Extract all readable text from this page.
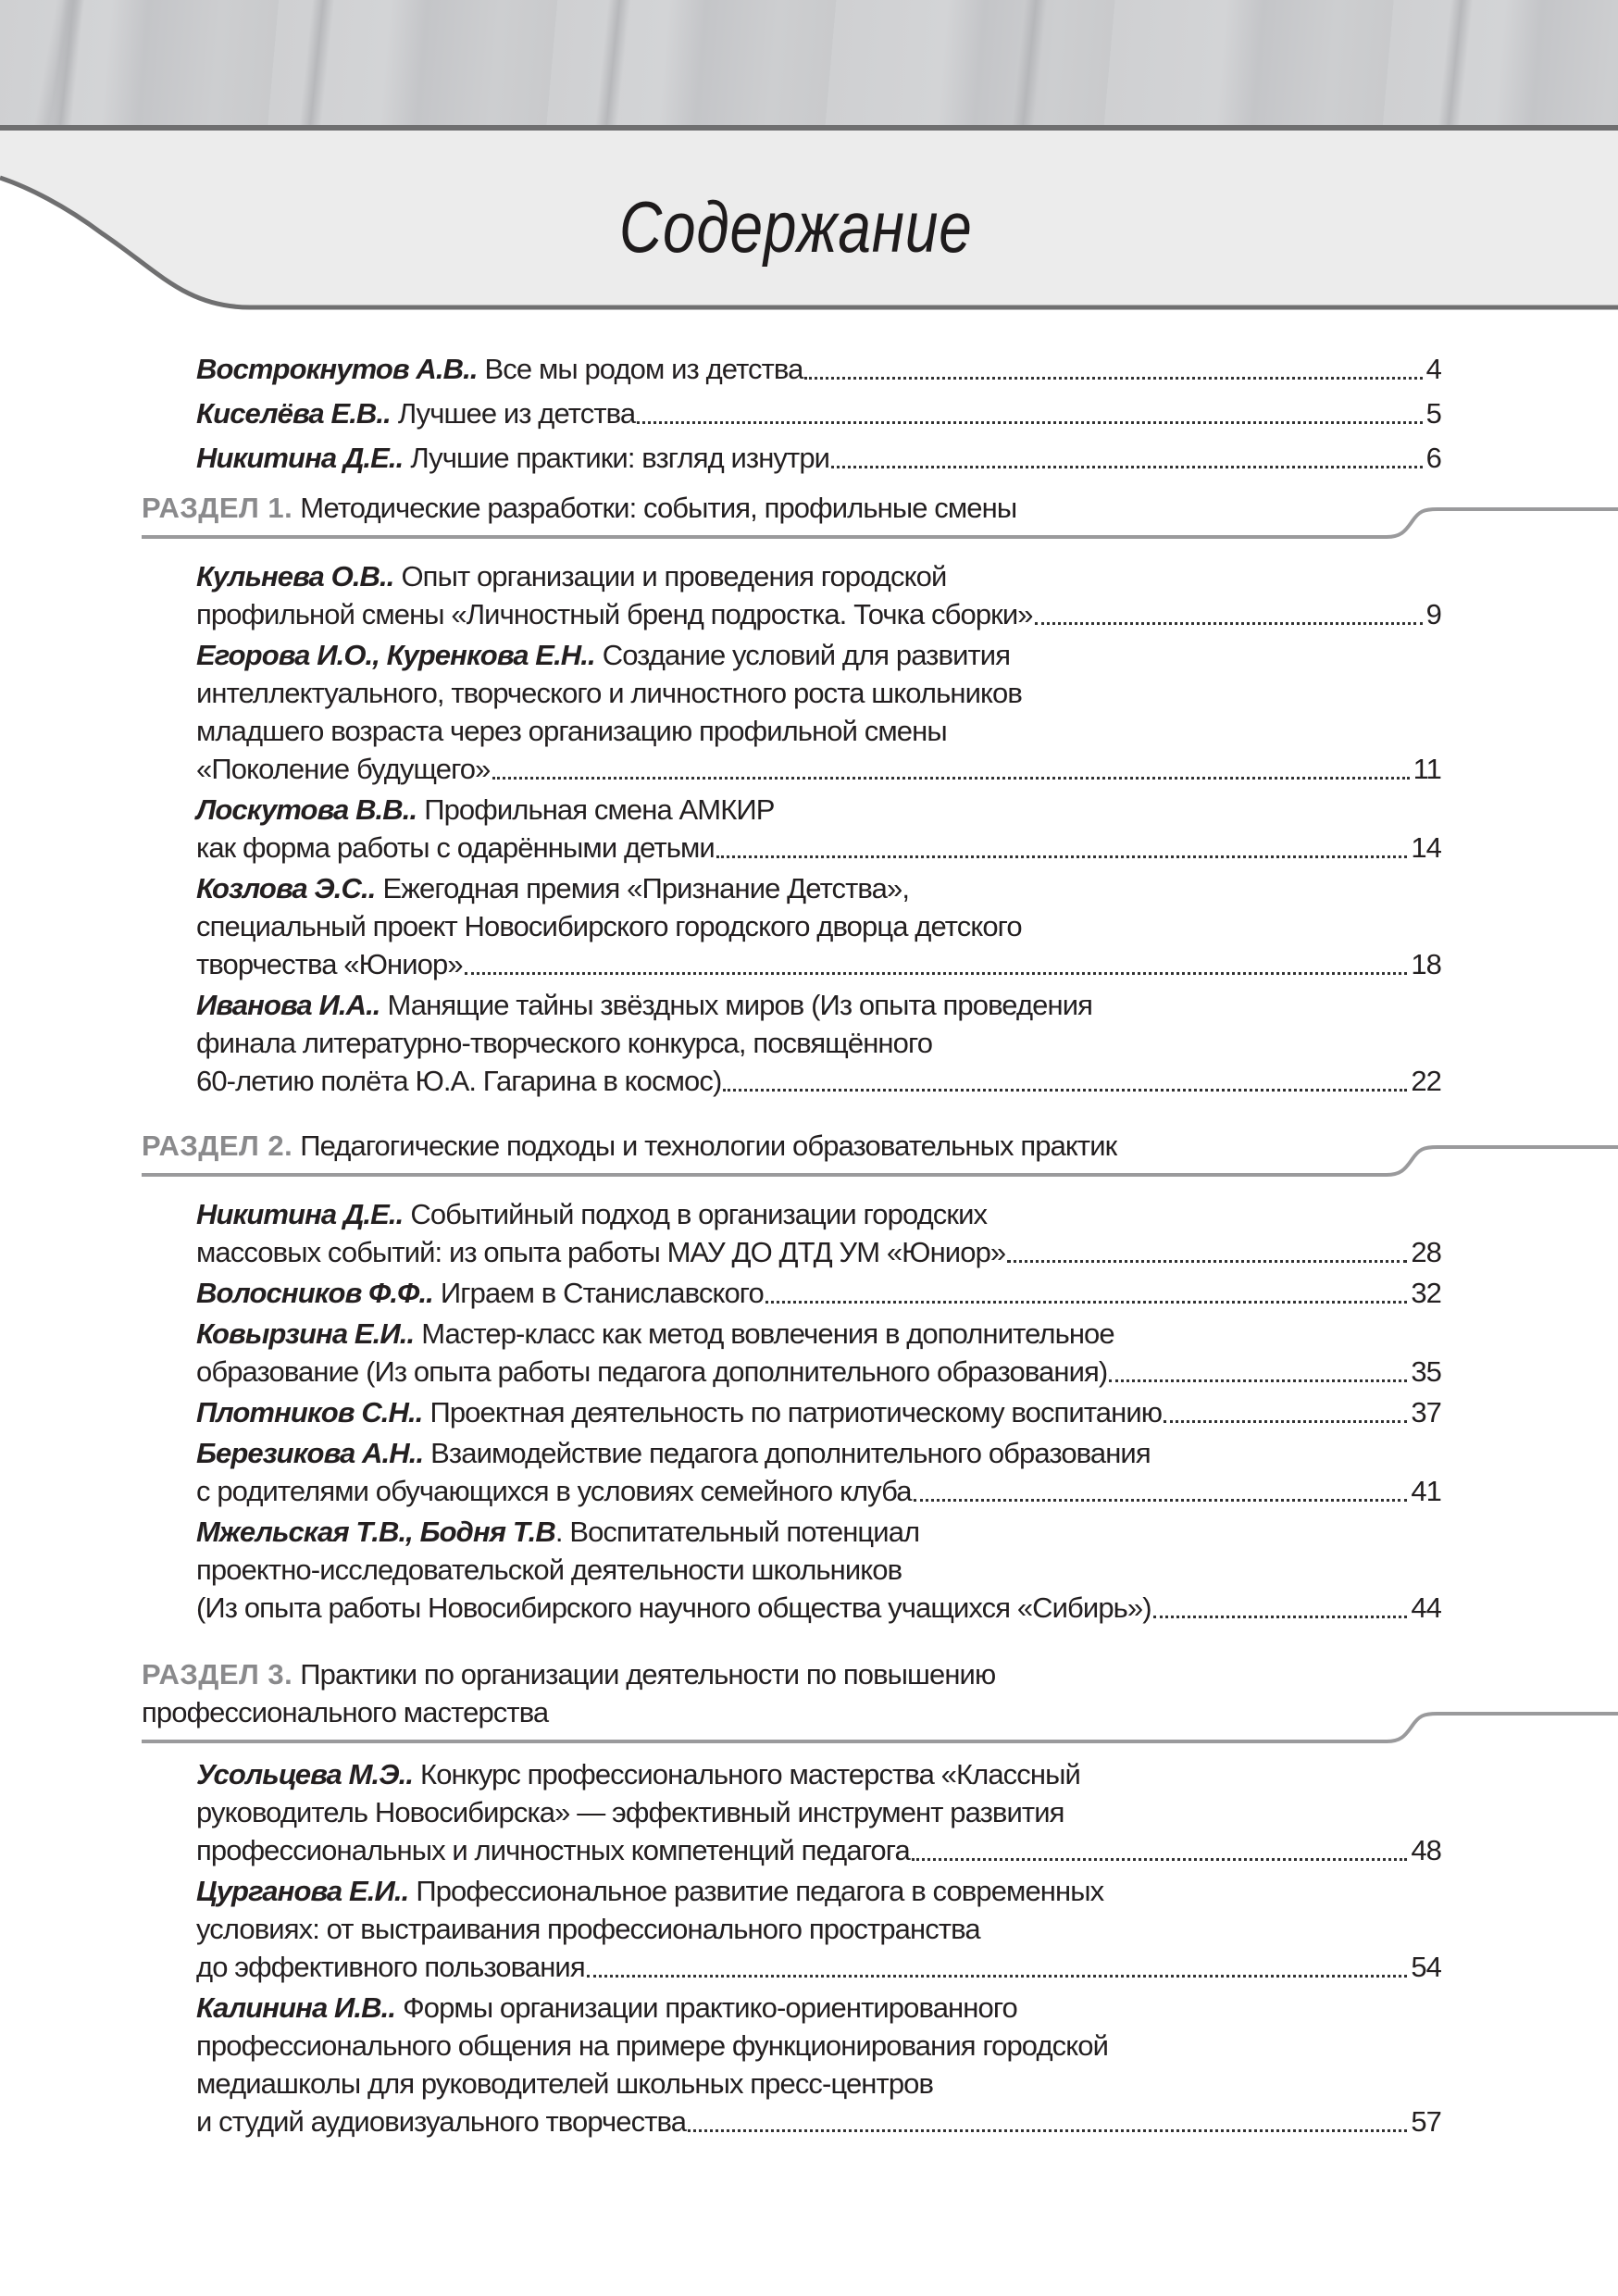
Содержание
Вострокнутов А.В. . Все мы родом из детства	4
Киселёва Е.В. . Лучшее из детства	5
Никитина Д.Е. . Лучшие практики: взгляд изнутри	6
РАЗДЕЛ 1. Методические разработки: события, профильные смены
Кульнева О.В. . Опыт организации и проведения городской
профильной смены «Личностный бренд подростка. Точка сборки»	9
Егорова И.О., Куренкова Е.Н. . Создание условий для развития
интеллектуального, творческого и личностного роста школьников
младшего возраста через организацию профильной смены
«Поколение будущего»	11
Лоскутова В.В. . Профильная смена АМКИР
как форма работы с одарёнными детьми	14
Козлова Э.С. . Ежегодная премия «Признание Детства»,
специальный проект Новосибирского городского дворца детского
творчества «Юниор»	18
Иванова И.А. . Манящие тайны звёздных миров (Из опыта проведения
финала литературно-творческого конкурса, посвящённого
60-летию полёта Ю.А. Гагарина в космос)	22
РАЗДЕЛ 2. Педагогические подходы и технологии образовательных практик
Никитина Д.Е. . Событийный подход в организации городских
массовых событий: из опыта работы МАУ ДО ДТД УМ «Юниор»	28
Волосников Ф.Ф. . Играем в Станиславского	32
Ковырзина Е.И. . Мастер-класс как метод вовлечения в дополнительное
образование (Из опыта работы педагога дополнительного образования)	35
Плотников С.Н. . Проектная деятельность по патриотическому воспитанию	37
Березикова А.Н. . Взаимодействие педагога дополнительного образования
с родителями обучающихся в условиях семейного клуба	41
Мжельская Т.В., Бодня Т.В . Воспитательный потенциал
проектно-исследовательской деятельности школьников
(Из опыта работы Новосибирского научного общества учащихся «Сибирь»)	44
РАЗДЕЛ 3. Практики по организации деятельности по повышению
профессионального мастерства
Усольцева М.Э. . Конкурс профессионального мастерства «Классный
руководитель Новосибирска» — эффективный инструмент развития
профессиональных и личностных компетенций педагога	48
Цурганова Е.И. . Профессиональное развитие педагога в современных
условиях: от выстраивания профессионального пространства
до эффективного пользования	54
Калинина И.В. . Формы организации практико-ориентированного
профессионального общения на примере функционирования городской
медиашколы для руководителей школьных пресс-центров
и студий аудиовизуального творчества	57
